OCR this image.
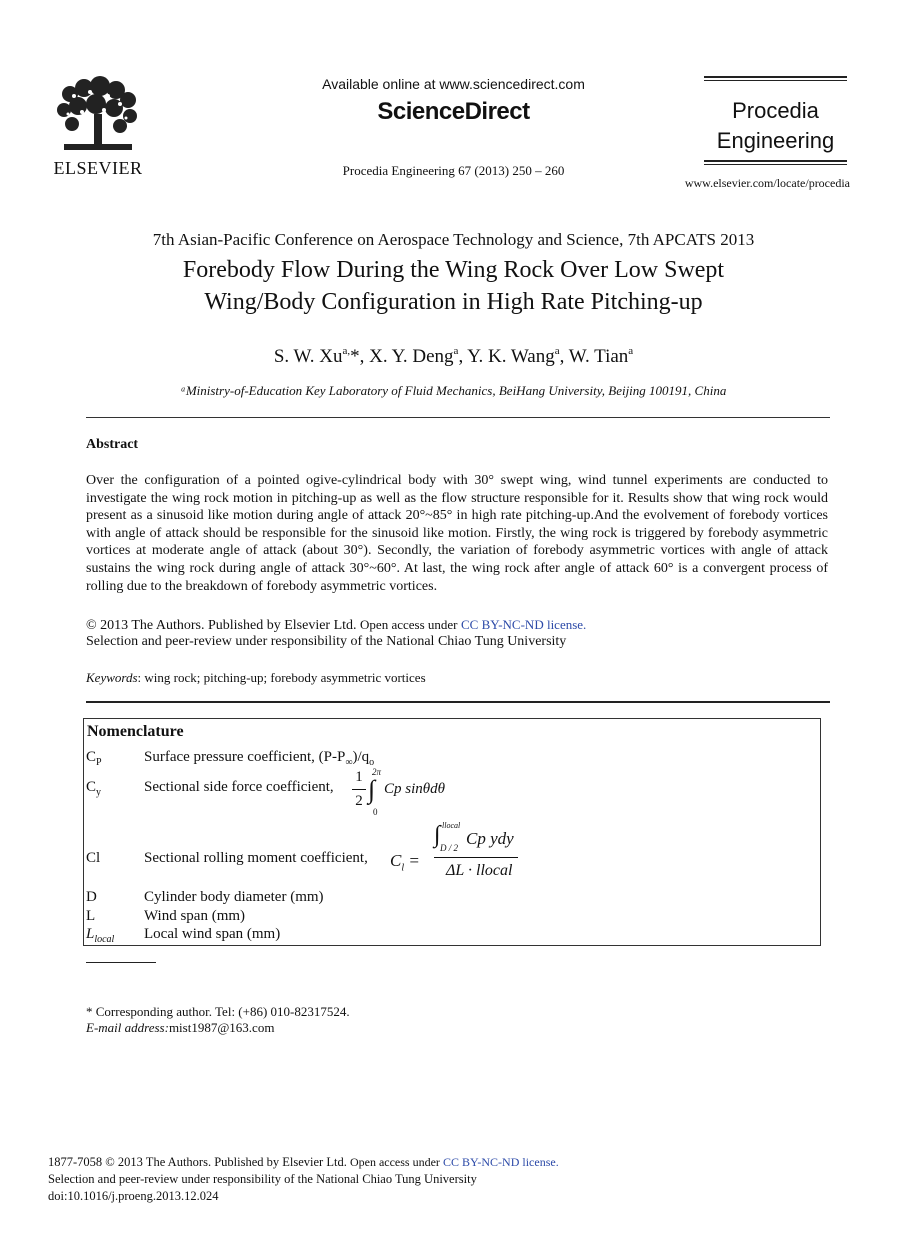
ELSEVIER
Available online at www.sciencedirect.com
ScienceDirect
Procedia Engineering 67 (2013) 250 – 260
Procedia
Engineering
www.elsevier.com/locate/procedia
7th Asian-Pacific Conference on Aerospace Technology and Science, 7th APCATS 2013
Forebody Flow During the Wing Rock Over Low Swept
Wing/Body Configuration in High Rate Pitching-up
S. W. $Xu^{a,}*$, X. Y. Deng$^a$, Y. K. Wang$^a$, W. Tian$^a$
ᵃMinistry-of-Education Key Laboratory of Fluid Mechanics, BeiHang University, Beijing 100191, China
Abstract
Over the configuration of a pointed ogive-cylindrical body with 30° swept wing, wind tunnel experiments are conducted to investigate the wing rock motion in pitching-up as well as the flow structure responsible for it. Results show that wing rock would present as a sinusoid like motion during angle of attack 20°~85° in high rate pitching-up.And the evolvement of forebody vortices with angle of attack should be responsible for the sinusoid like motion. Firstly, the wing rock is triggered by forebody asymmetric vortices at moderate angle of attack (about 30°). Secondly, the variation of forebody asymmetric vortices with angle of attack sustains the wing rock during angle of attack 30°~60°. At last, the wing rock after angle of attack 60° is a convergent process of rolling due to the breakdown of forebody asymmetric vortices.
© 2013 The Authors. Published by Elsevier Ltd. Open access under CC BY-NC-ND license.
Selection and peer-review under responsibility of the National Chiao Tung University
Keywords: wing rock; pitching-up; forebody asymmetric vortices
Nomenclature
$C_P$	Surface pressure coefficient, $(P-P_\infty)/q_o$
$C_y$	Sectional side force coefficient,
1
2 ∫
2π
0
Cp sinθdθ
Cl	Sectional rolling moment coefficient, $C_l$ =
∫ llocal
D / 2 Cp ydy
ΔL · llocal
D	Cylinder body diameter (mm)
L	Wind span (mm)
$L_{local}$ Local wind span (mm)
* Corresponding author. Tel: (+86) 010-82317524.
E-mail address:mist1987@163.com
1877-7058 © 2013 The Authors. Published by Elsevier Ltd. Open access under CC BY-NC-ND license.
Selection and peer-review under responsibility of the National Chiao Tung University
doi:10.1016/j.proeng.2013.12.024
